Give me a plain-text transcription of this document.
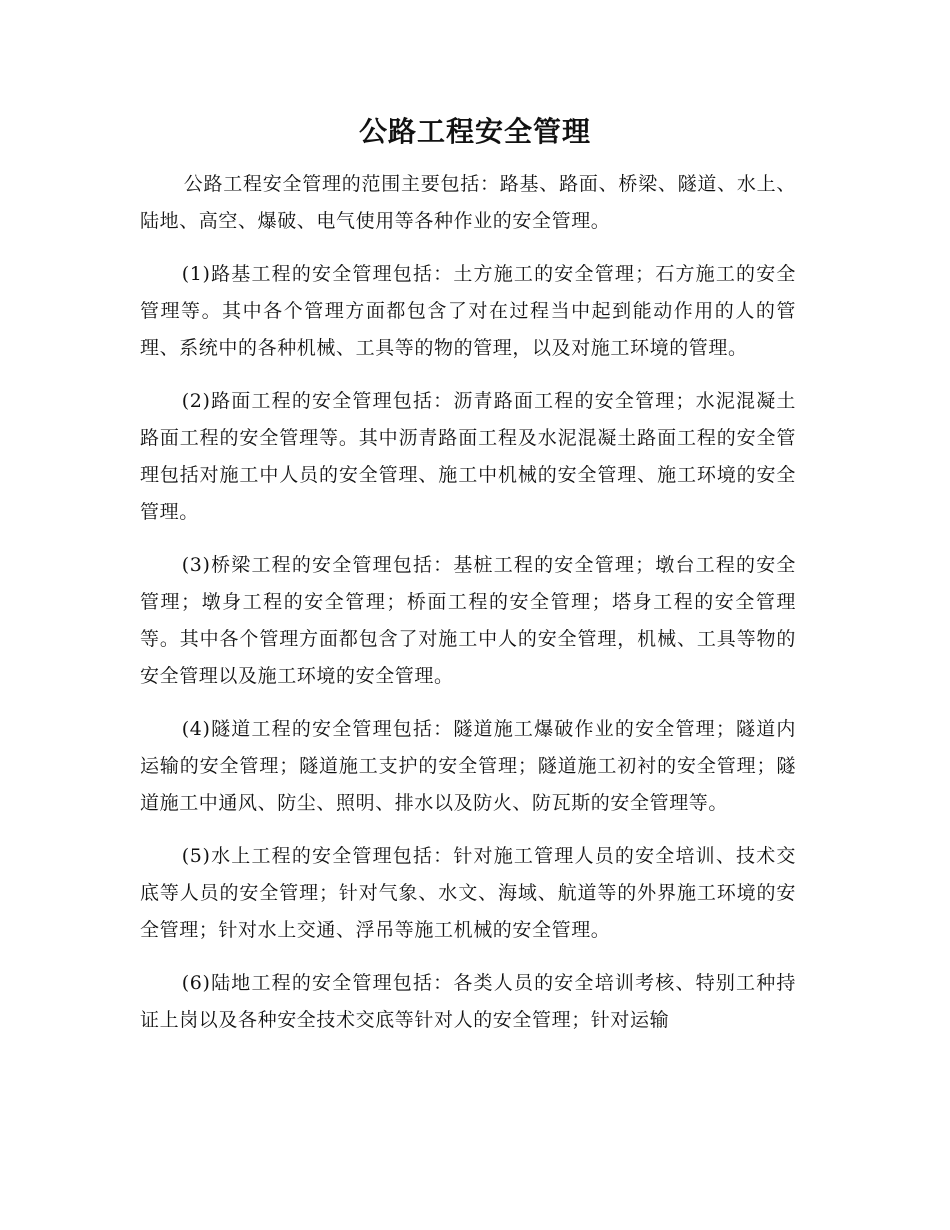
公路工程安全管理

公路工程安全管理的范围主要包括：路基、路面、桥梁、隧道、水上、陆地、高空、爆破、电气使用等各种作业的安全管理。

(1)路基工程的安全管理包括：土方施工的安全管理；石方施工的安全管理等。其中各个管理方面都包含了对在过程当中起到能动作用的人的管理、系统中的各种机械、工具等的物的管理，以及对施工环境的管理。

(2)路面工程的安全管理包括：沥青路面工程的安全管理；水泥混凝土路面工程的安全管理等。其中沥青路面工程及水泥混凝土路面工程的安全管理包括对施工中人员的安全管理、施工中机械的安全管理、施工环境的安全管理。

(3)桥梁工程的安全管理包括：基桩工程的安全管理；墩台工程的安全管理；墩身工程的安全管理；桥面工程的安全管理；塔身工程的安全管理等。其中各个管理方面都包含了对施工中人的安全管理，机械、工具等物的安全管理以及施工环境的安全管理。

(4)隧道工程的安全管理包括：隧道施工爆破作业的安全管理；隧道内运输的安全管理；隧道施工支护的安全管理；隧道施工初衬的安全管理；隧道施工中通风、防尘、照明、排水以及防火、防瓦斯的安全管理等。

(5)水上工程的安全管理包括：针对施工管理人员的安全培训、技术交底等人员的安全管理；针对气象、水文、海域、航道等的外界施工环境的安全管理；针对水上交通、浮吊等施工机械的安全管理。

(6)陆地工程的安全管理包括：各类人员的安全培训考核、特别工种持证上岗以及各种安全技术交底等针对人的安全管理；针对运输
